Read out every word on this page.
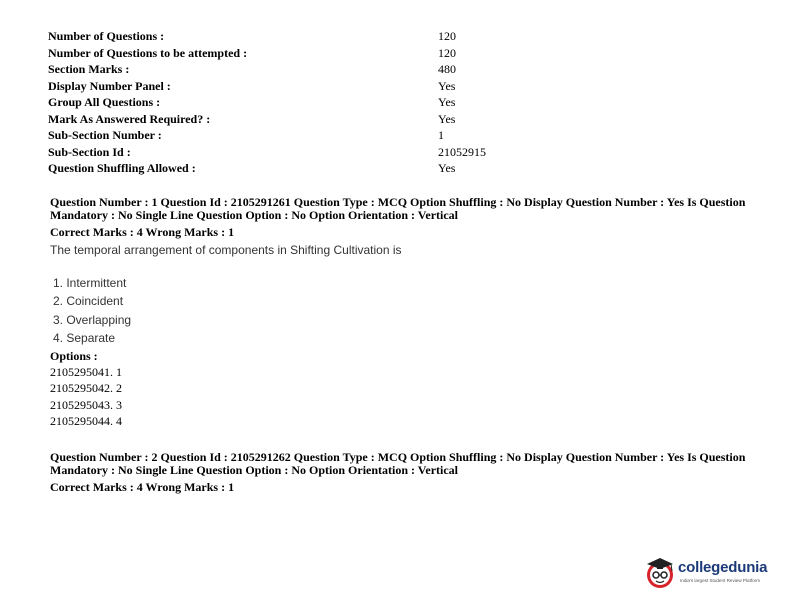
Number of Questions :	120
Number of Questions to be attempted :	120
Section Marks :	480
Display Number Panel :	Yes
Group All Questions :	Yes
Mark As Answered Required? :	Yes
Sub-Section Number :	1
Sub-Section Id :	21052915
Question Shuffling Allowed :	Yes
Question Number : 1 Question Id : 2105291261 Question Type : MCQ Option Shuffling : No Display Question Number : Yes Is Question
Mandatory : No Single Line Question Option : No Option Orientation : Vertical
Correct Marks : 4 Wrong Marks : 1
The temporal arrangement of components in Shifting Cultivation is
1. Intermittent
2. Coincident
3. Overlapping
4. Separate
Options :
2105295041. 1
2105295042. 2
2105295043. 3
2105295044. 4
Question Number : 2 Question Id : 2105291262 Question Type : MCQ Option Shuffling : No Display Question Number : Yes Is Question
Mandatory : No Single Line Question Option : No Option Orientation : Vertical
Correct Marks : 4 Wrong Marks : 1
collegedunia
India's largest Student Review Platform
